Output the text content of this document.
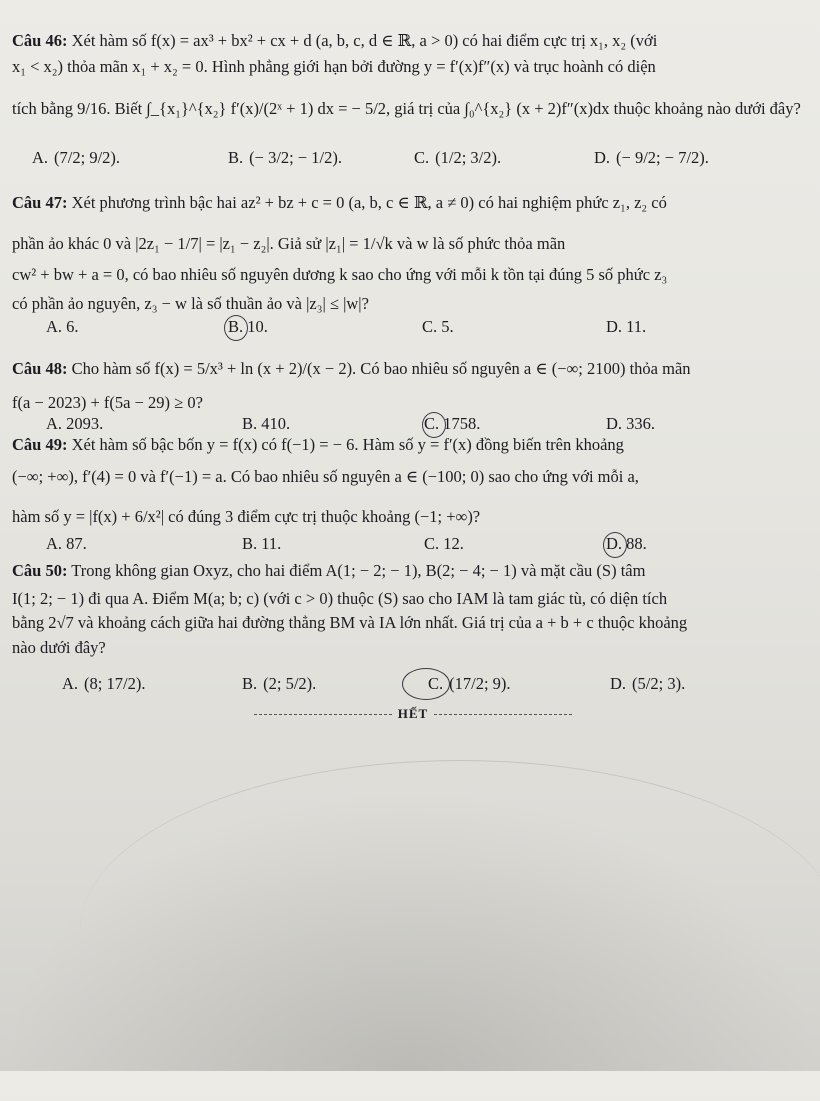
Câu 46: Xét hàm số f(x) = ax³ + bx² + cx + d (a, b, c, d ∈ ℝ, a > 0) có hai điểm cực trị x₁, x₂ (với
x₁ < x₂) thỏa mãn x₁ + x₂ = 0. Hình phẳng giới hạn bởi đường y = f′(x)f″(x) và trục hoành có diện
tích bằng 9/16. Biết ∫_{x₁}^{x₂} f′(x)/(2ˣ + 1) dx = − 5/2, giá trị của ∫₀^{x₂} (x + 2)f″(x)dx thuộc khoảng nào dưới đây?
A. (7/2; 9/2).	B. (− 3/2; − 1/2).	C. (1/2; 3/2).	D. (− 9/2; − 7/2).
Câu 47: Xét phương trình bậc hai az² + bz + c = 0 (a, b, c ∈ ℝ, a ≠ 0) có hai nghiệm phức z₁, z₂ có
phần ảo khác 0 và |2z₁ − 1/7| = |z₁ − z₂|. Giả sử |z₁| = 1/√k và w là số phức thỏa mãn
cw² + bw + a = 0, có bao nhiêu số nguyên dương k sao cho ứng với mỗi k tồn tại đúng 5 số phức z₃
có phần ảo nguyên, z₃ − w là số thuần ảo và |z₃| ≤ |w|?
A. 6.	B. 10.	C. 5.	D. 11.
Câu 48: Cho hàm số f(x) = 5/x³ + ln (x + 2)/(x − 2). Có bao nhiêu số nguyên a ∈ (−∞; 2100) thỏa mãn
f(a − 2023) + f(5a − 29) ≥ 0?
A. 2093.	B. 410.	C. 1758.	D. 336.
Câu 49: Xét hàm số bậc bốn y = f(x) có f(−1) = − 6. Hàm số y = f′(x) đồng biến trên khoảng
(−∞; +∞), f′(4) = 0 và f′(−1) = a. Có bao nhiêu số nguyên a ∈ (−100; 0) sao cho ứng với mỗi a,
hàm số y = |f(x) + 6/x²| có đúng 3 điểm cực trị thuộc khoảng (−1; +∞)?
A. 87.	B. 11.	C. 12.	D. 88.
Câu 50: Trong không gian Oxyz, cho hai điểm A(1; − 2; − 1), B(2; − 4; − 1) và mặt cầu (S) tâm
I(1; 2; − 1) đi qua A. Điểm M(a; b; c) (với c > 0) thuộc (S) sao cho IAM là tam giác tù, có diện tích
bằng 2√7 và khoảng cách giữa hai đường thẳng BM và IA lớn nhất. Giá trị của a + b + c thuộc khoảng
nào dưới đây?
A. (8; 17/2).	B. (2; 5/2).	C. (17/2; 9).	D. (5/2; 3).
HẾT
